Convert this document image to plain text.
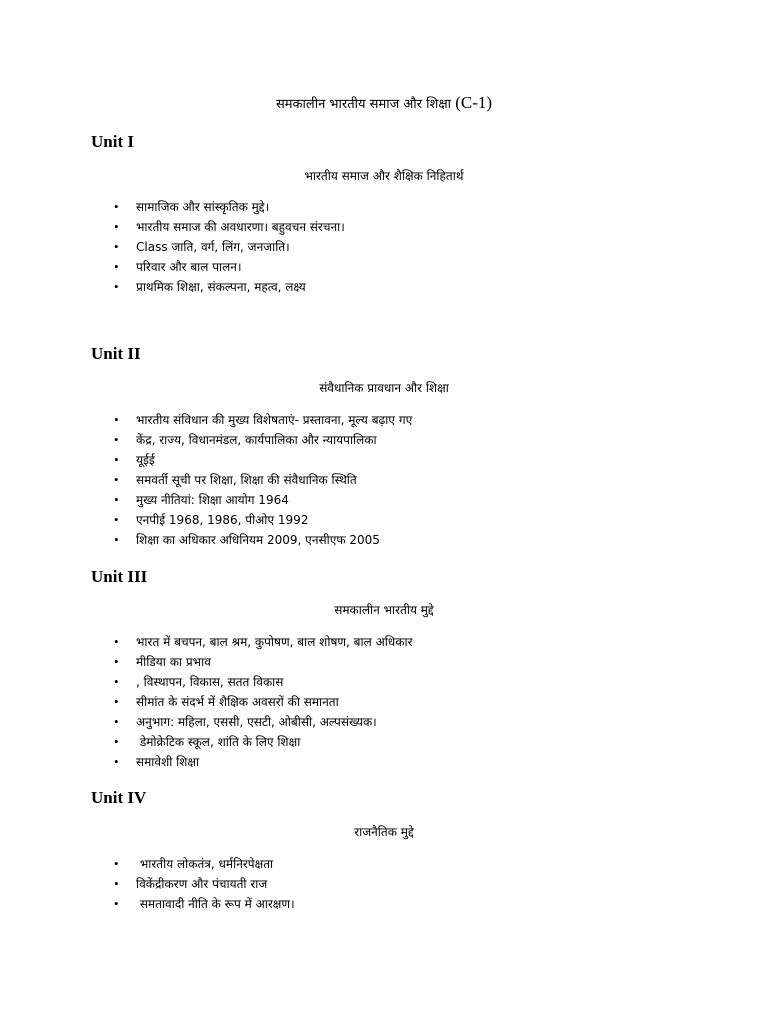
समकालीन भारतीय समाज और शिक्षा (C-1)
Unit I
भारतीय समाज और शैक्षिक निहितार्थ
• सामाजिक और सांस्कृतिक मुद्दे।
• भारतीय समाज की अवधारणा। बहुवचन संरचना।
• Class जाति, वर्ग, लिंग, जनजाति।
• परिवार और बाल पालन।
• प्राथमिक शिक्षा, संकल्पना, महत्व, लक्ष्य
Unit II
संवैधानिक प्रावधान और शिक्षा
• भारतीय संविधान की मुख्य विशेषताएं- प्रस्तावना, मूल्य बढ़ाए गए
• केंद्र, राज्य, विधानमंडल, कार्यपालिका और न्यायपालिका
• यूईई
• समवर्ती सूची पर शिक्षा, शिक्षा की संवैधानिक स्थिति
• मुख्य नीतियां: शिक्षा आयोग 1964
• एनपीई 1968, 1986, पीओए 1992
• शिक्षा का अधिकार अधिनियम 2009, एनसीएफ 2005
Unit III
समकालीन भारतीय मुद्दे
• भारत में बचपन, बाल श्रम, कुपोषण, बाल शोषण, बाल अधिकार
• मीडिया का प्रभाव
• , विस्थापन, विकास, सतत विकास
• सीमांत के संदर्भ में शैक्षिक अवसरों की समानता
• अनुभाग: महिला, एससी, एसटी, ओबीसी, अल्पसंख्यक।
• डेमोक्रेटिक स्कूल, शांति के लिए शिक्षा
• समावेशी शिक्षा
Unit IV
राजनैतिक मुद्दे
• भारतीय लोकतंत्र, धर्मनिरपेक्षता
• विकेंद्रीकरण और पंचायती राज
• समतावादी नीति के रूप में आरक्षण।
